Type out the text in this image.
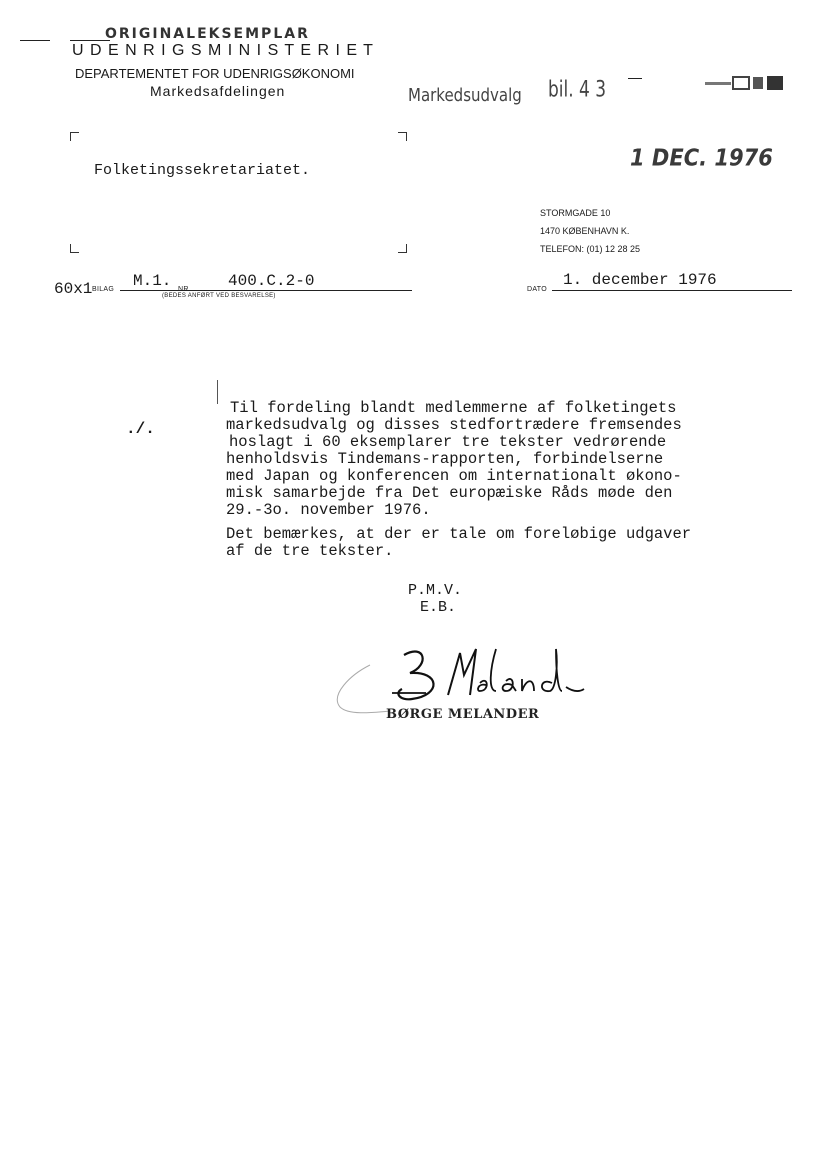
ORIGINALEKSEMPLAR
U D E N R I G S M I N I S T E R I E T
DEPARTEMENTET FOR UDENRIGSØKONOMI
Markedsafdelingen	Markedsudvalg bil. 4 3
Folketingssekretariatet.	1 DEC. 1976
STORMGADE 10
1470 KØBENHAVN K.
TELEFON: (01) 12 28 25
60x1 BILAG M.1.	400.C.2-0
(BEDES ANFØRT VED BESVARELSE)
DATO
1. december 1976
./.
Til fordeling blandt medlemmerne af folketingets
markedsudvalg og disses stedfortrædere fremsendes
hoslagt i 60 eksemplarer tre tekster vedrørende
henholdsvis Tindemans-rapporten, forbindelserne
med Japan og konferencen om internationalt økono-
misk samarbejde fra Det europæiske Råds møde den
29.-3o. november 1976.
Det bemærkes, at der er tale om foreløbige udgaver
af de tre tekster.
P.M.V.
E.B.
BØRGE MELANDER
